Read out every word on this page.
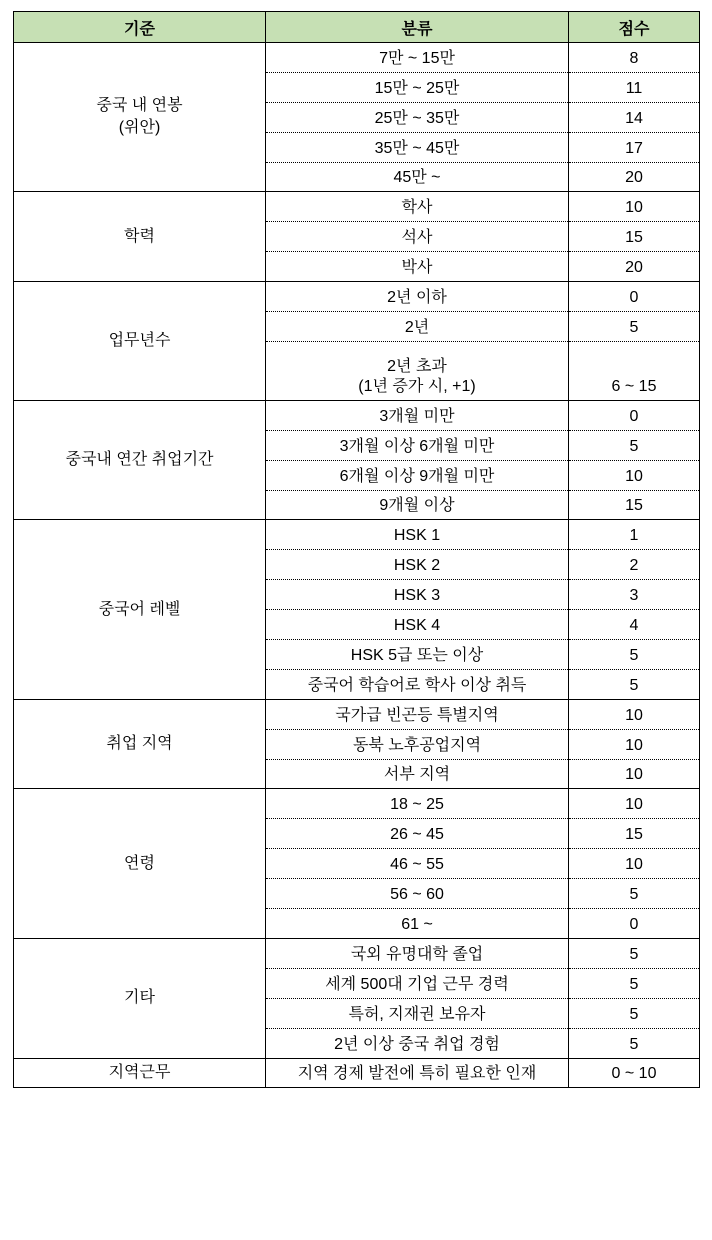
기준	분류	점수

중국 내 연봉
(위안)	7만 ~ 15만	8

	15만 ~ 25만	11

	25만 ~ 35만	14

	35만 ~ 45만	17

	45만 ~	20

학력	학사	10

	석사	15

	박사	20

업무년수	2년 이하	0

	2년	5

	2년 초과
(1년 증가 시, +1)	6 ~ 15

중국내 연간 취업기간	3개월 미만	0

	3개월 이상 6개월 미만	5

	6개월 이상 9개월 미만	10

	9개월 이상	15

중국어 레벨	HSK 1	1

	HSK 2	2

	HSK 3	3

	HSK 4	4

	HSK 5급 또는 이상	5

	중국어 학습어로 학사 이상 취득	5

취업 지역	국가급 빈곤등 특별지역	10

	동북 노후공업지역	10

	서부 지역	10

연령	18 ~ 25	10

	26 ~ 45	15

	46 ~ 55	10

	56 ~ 60	5

	61 ~	0

기타	국외 유명대학 졸업	5

	세계 500대 기업 근무 경력	5

	특허, 지재권 보유자	5

	2년 이상 중국 취업 경험	5

지역근무	지역 경제 발전에 특히 필요한 인재	0 ~ 10
